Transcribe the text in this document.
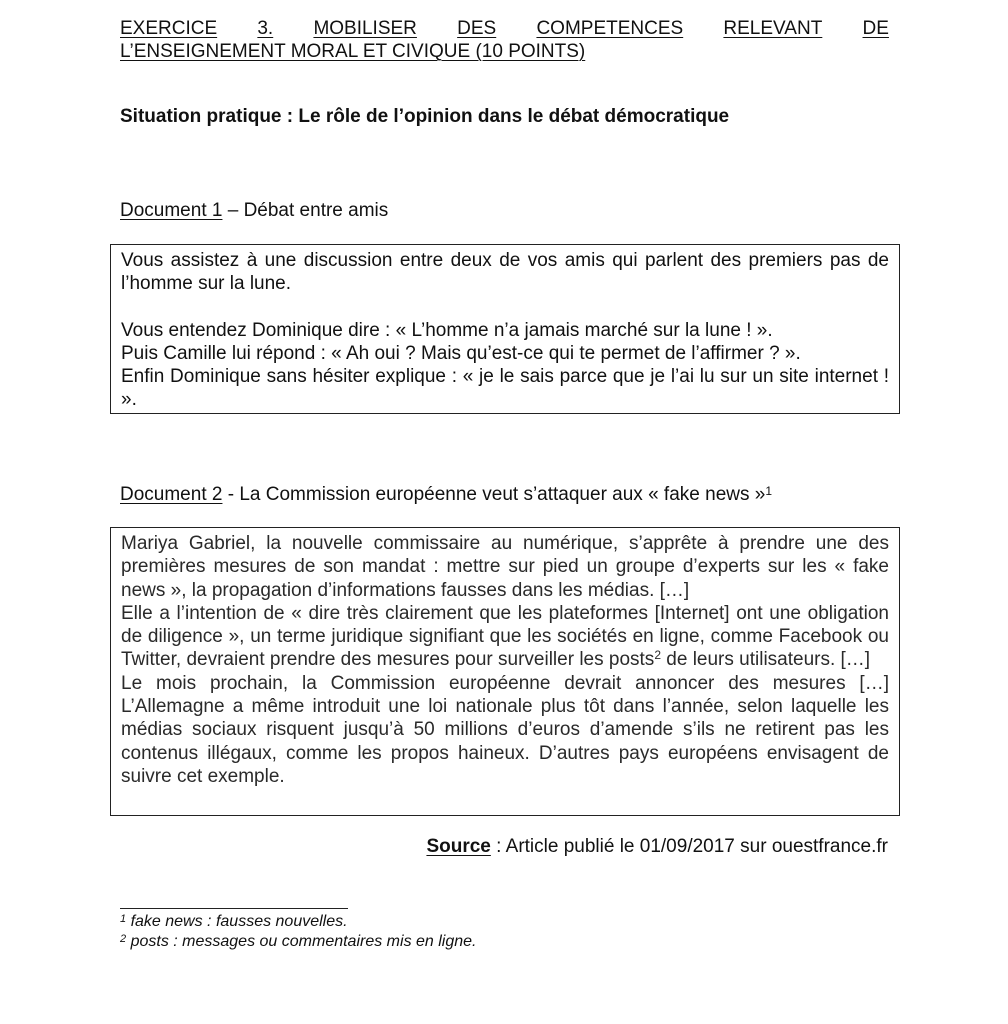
EXERCICE 3. MOBILISER DES COMPETENCES RELEVANT DE
L’ENSEIGNEMENT MORAL ET CIVIQUE (10 POINTS)
Situation pratique : Le rôle de l’opinion dans le débat démocratique
Document 1 – Débat entre amis

Vous assistez à une discussion entre deux de vos amis qui parlent des premiers pas de l’homme sur la lune.

Vous entendez Dominique dire : « L’homme n’a jamais marché sur la lune ! ».

Puis Camille lui répond : « Ah oui ? Mais qu’est-ce qui te permet de l’affirmer ? ».

Enfin Dominique sans hésiter explique : « je le sais parce que je l’ai lu sur un site internet ! ».

Document 2 - La Commission européenne veut s’attaquer aux « fake news »$^1$

Mariya Gabriel, la nouvelle commissaire au numérique, s’apprête à prendre une des premières mesures de son mandat : mettre sur pied un groupe d’experts sur les « fake news », la propagation d’informations fausses dans les médias. […]

Elle a l’intention de « dire très clairement que les plateformes [Internet] ont une obligation de diligence », un terme juridique signifiant que les sociétés en ligne, comme Facebook ou Twitter, devraient prendre des mesures pour surveiller les posts$^2$ de leurs utilisateurs. […]

Le mois prochain, la Commission européenne devrait annoncer des mesures […] L’Allemagne a même introduit une loi nationale plus tôt dans l’année, selon laquelle les médias sociaux risquent jusqu’à 50 millions d’euros d’amende s’ils ne retirent pas les contenus illégaux, comme les propos haineux. D’autres pays européens envisagent de suivre cet exemple.

Source : Article publié le 01/09/2017 sur ouestfrance.fr

$^1$ fake news : fausses nouvelles.

$^2$ posts : messages ou commentaires mis en ligne.
